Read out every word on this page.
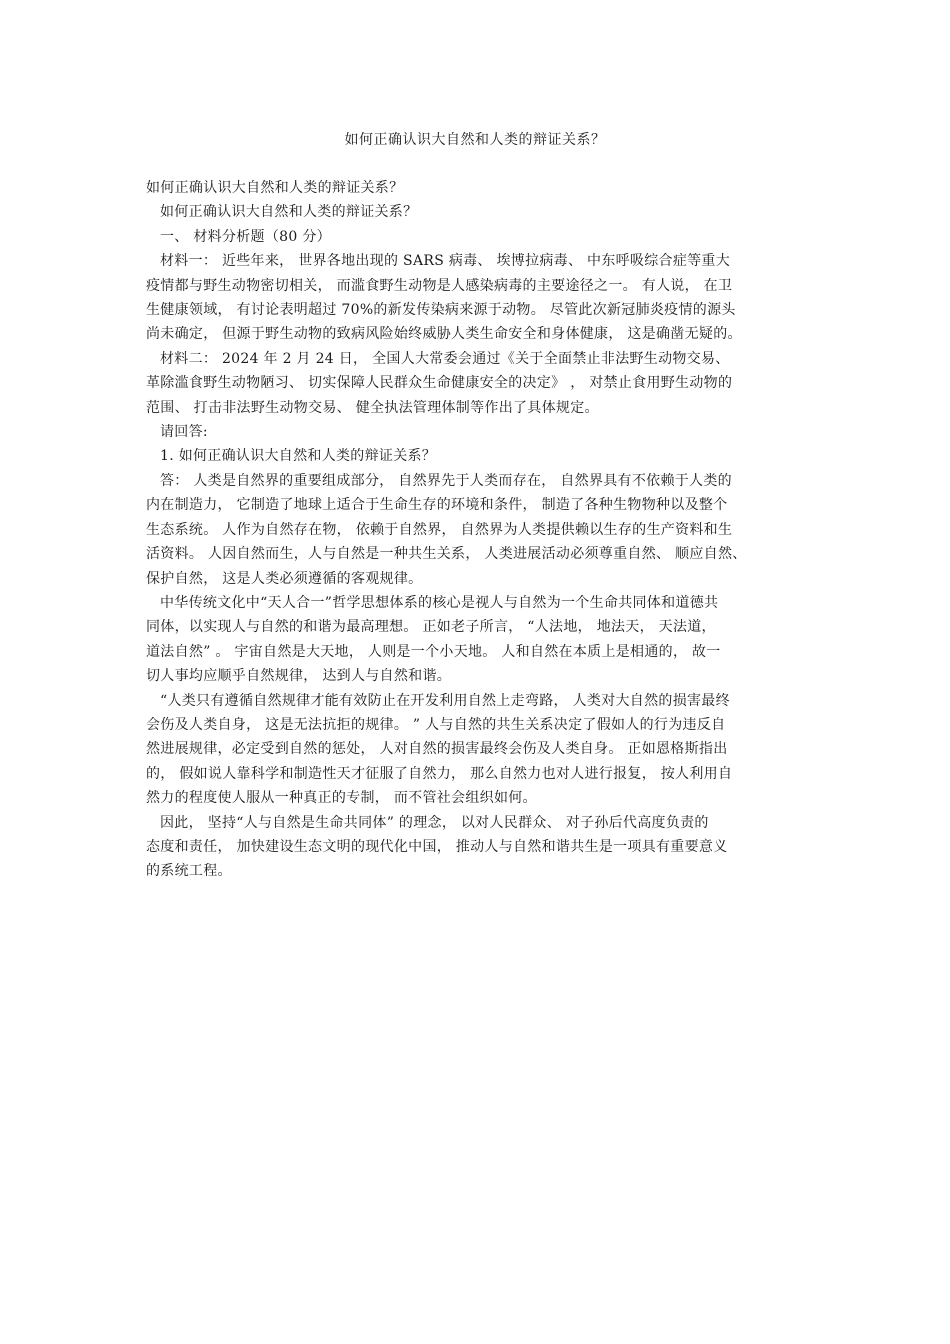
如何正确认识大自然和人类的辩证关系？
如何正确认识大自然和人类的辩证关系？
如何正确认识大自然和人类的辩证关系？
一、 材料分析题（80 分）
材料一： 近些年来， 世界各地出现的 SARS 病毒、 埃博拉病毒、 中东呼吸综合症等重大
疫情都与野生动物密切相关， 而滥食野生动物是人感染病毒的主要途径之一。 有人说， 在卫
生健康领域， 有讨论表明超过 70%的新发传染病来源于动物。 尽管此次新冠肺炎疫情的源头
尚未确定， 但源于野生动物的致病风险始终威胁人类生命安全和身体健康， 这是确凿无疑的。
材料二： 2024 年 2 月 24 日， 全国人大常委会通过《关于全面禁止非法野生动物交易、
革除滥食野生动物陋习、 切实保障人民群众生命健康安全的决定》 ， 对禁止食用野生动物的
范围、 打击非法野生动物交易、 健全执法管理体制等作出了具体规定。
请回答:
1. 如何正确认识大自然和人类的辩证关系？
答： 人类是自然界的重要组成部分， 自然界先于人类而存在， 自然界具有不依赖于人类的
内在制造力， 它制造了地球上适合于生命生存的环境和条件， 制造了各种生物物种以及整个
生态系统。 人作为自然存在物， 依赖于自然界， 自然界为人类提供赖以生存的生产资料和生
活资料。 人因自然而生，人与自然是一种共生关系， 人类进展活动必须尊重自然、 顺应自然、
保护自然， 这是人类必须遵循的客观规律。
中华传统文化中“天人合一”哲学思想体系的核心是视人与自然为一个生命共同体和道德共
同体，以实现人与自然的和谐为最高理想。 正如老子所言， “人法地， 地法天， 天法道，
道法自然” 。 宇宙自然是大天地， 人则是一个小天地。 人和自然在本质上是相通的， 故一
切人事均应顺乎自然规律， 达到人与自然和谐。
“人类只有遵循自然规律才能有效防止在开发利用自然上走弯路， 人类对大自然的损害最终
会伤及人类自身， 这是无法抗拒的规律。 ” 人与自然的共生关系决定了假如人的行为违反自
然进展规律，必定受到自然的惩处， 人对自然的损害最终会伤及人类自身。 正如恩格斯指出
的， 假如说人靠科学和制造性天才征服了自然力， 那么自然力也对人进行报复， 按人利用自
然力的程度使人服从一种真正的专制， 而不管社会组织如何。
因此， 坚持“人与自然是生命共同体” 的理念， 以对人民群众、 对子孙后代高度负责的
态度和责任， 加快建设生态文明的现代化中国， 推动人与自然和谐共生是一项具有重要意义
的系统工程。
